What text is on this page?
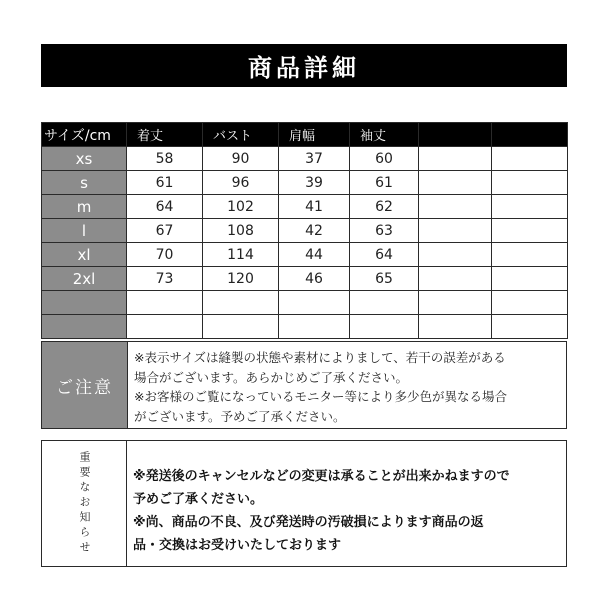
商品詳細
サイズ/cm	着丈	バスト	肩幅	袖丈		
xs	58	90	37	60		
s	61	96	39	61		
m	64	102	41	62		
l	67	108	42	63		
xl	70	114	44	64		
2xl	73	120	46	65		

ご注意
※表示サイズは縫製の状態や素材によりまして、若干の誤差がある
場合がございます。あらかじめご了承ください。
※お客様のご覧になっているモニター等により多少色が異なる場合
がございます。予めご了承ください。
重要なお知らせ	※発送後のキャンセルなどの変更は承ることが出来かねますので
予めご了承ください。
※尚、商品の不良、及び発送時の汚破損によります商品の返
品・交換はお受けいたしております
